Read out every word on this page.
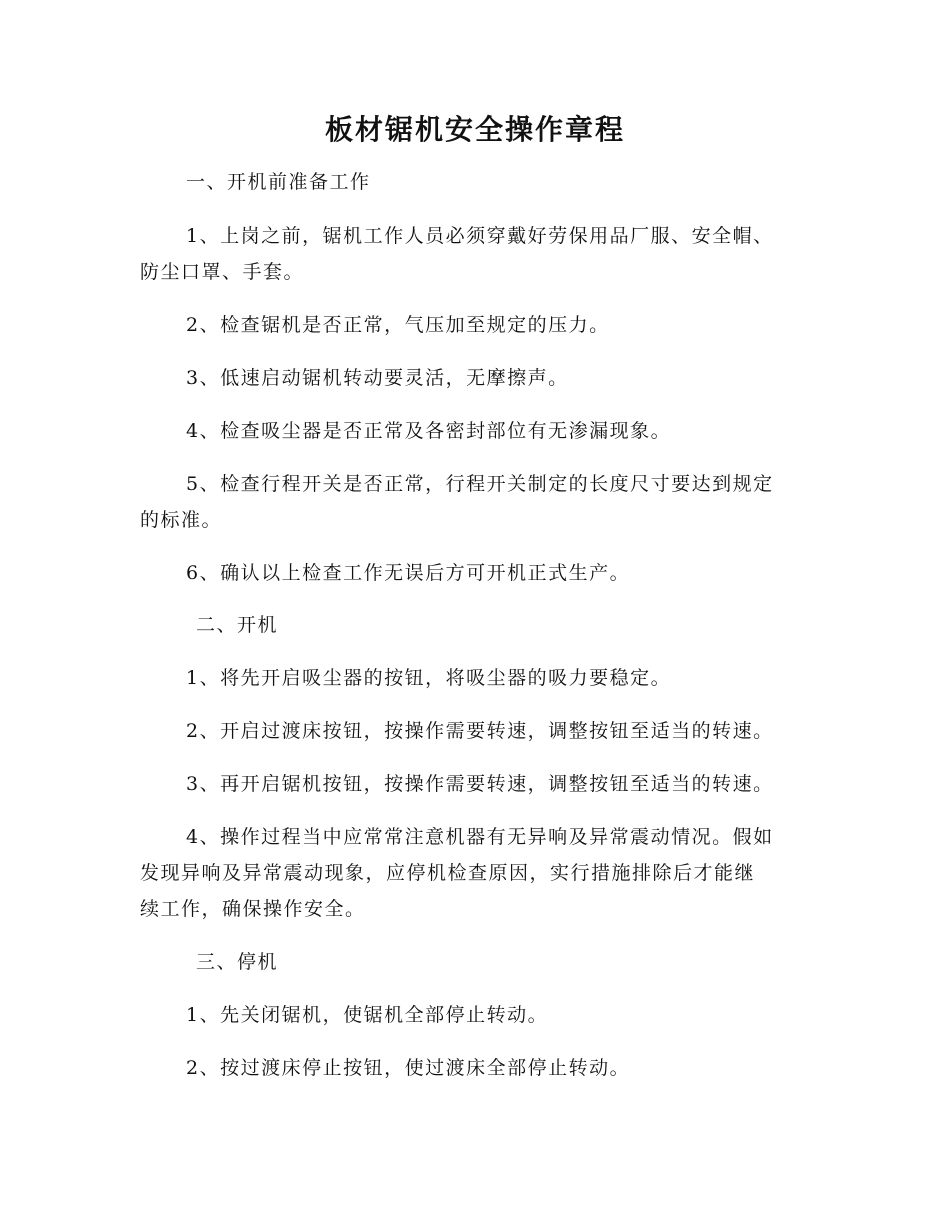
板材锯机安全操作章程
一、开机前准备工作
1、上岗之前，锯机工作人员必须穿戴好劳保用品厂服、安全帽、
防尘口罩、手套。
2、检查锯机是否正常，气压加至规定的压力。
3、低速启动锯机转动要灵活，无摩擦声。
4、检查吸尘器是否正常及各密封部位有无渗漏现象。
5、检查行程开关是否正常，行程开关制定的长度尺寸要达到规定
的标准。
6、确认以上检查工作无误后方可开机正式生产。
二、开机
1、将先开启吸尘器的按钮，将吸尘器的吸力要稳定。
2、开启过渡床按钮，按操作需要转速，调整按钮至适当的转速。
3、再开启锯机按钮，按操作需要转速，调整按钮至适当的转速。
4、操作过程当中应常常注意机器有无异响及异常震动情况。假如
发现异响及异常震动现象，应停机检查原因，实行措施排除后才能继
续工作，确保操作安全。
三、停机
1、先关闭锯机，使锯机全部停止转动。
2、按过渡床停止按钮，使过渡床全部停止转动。
